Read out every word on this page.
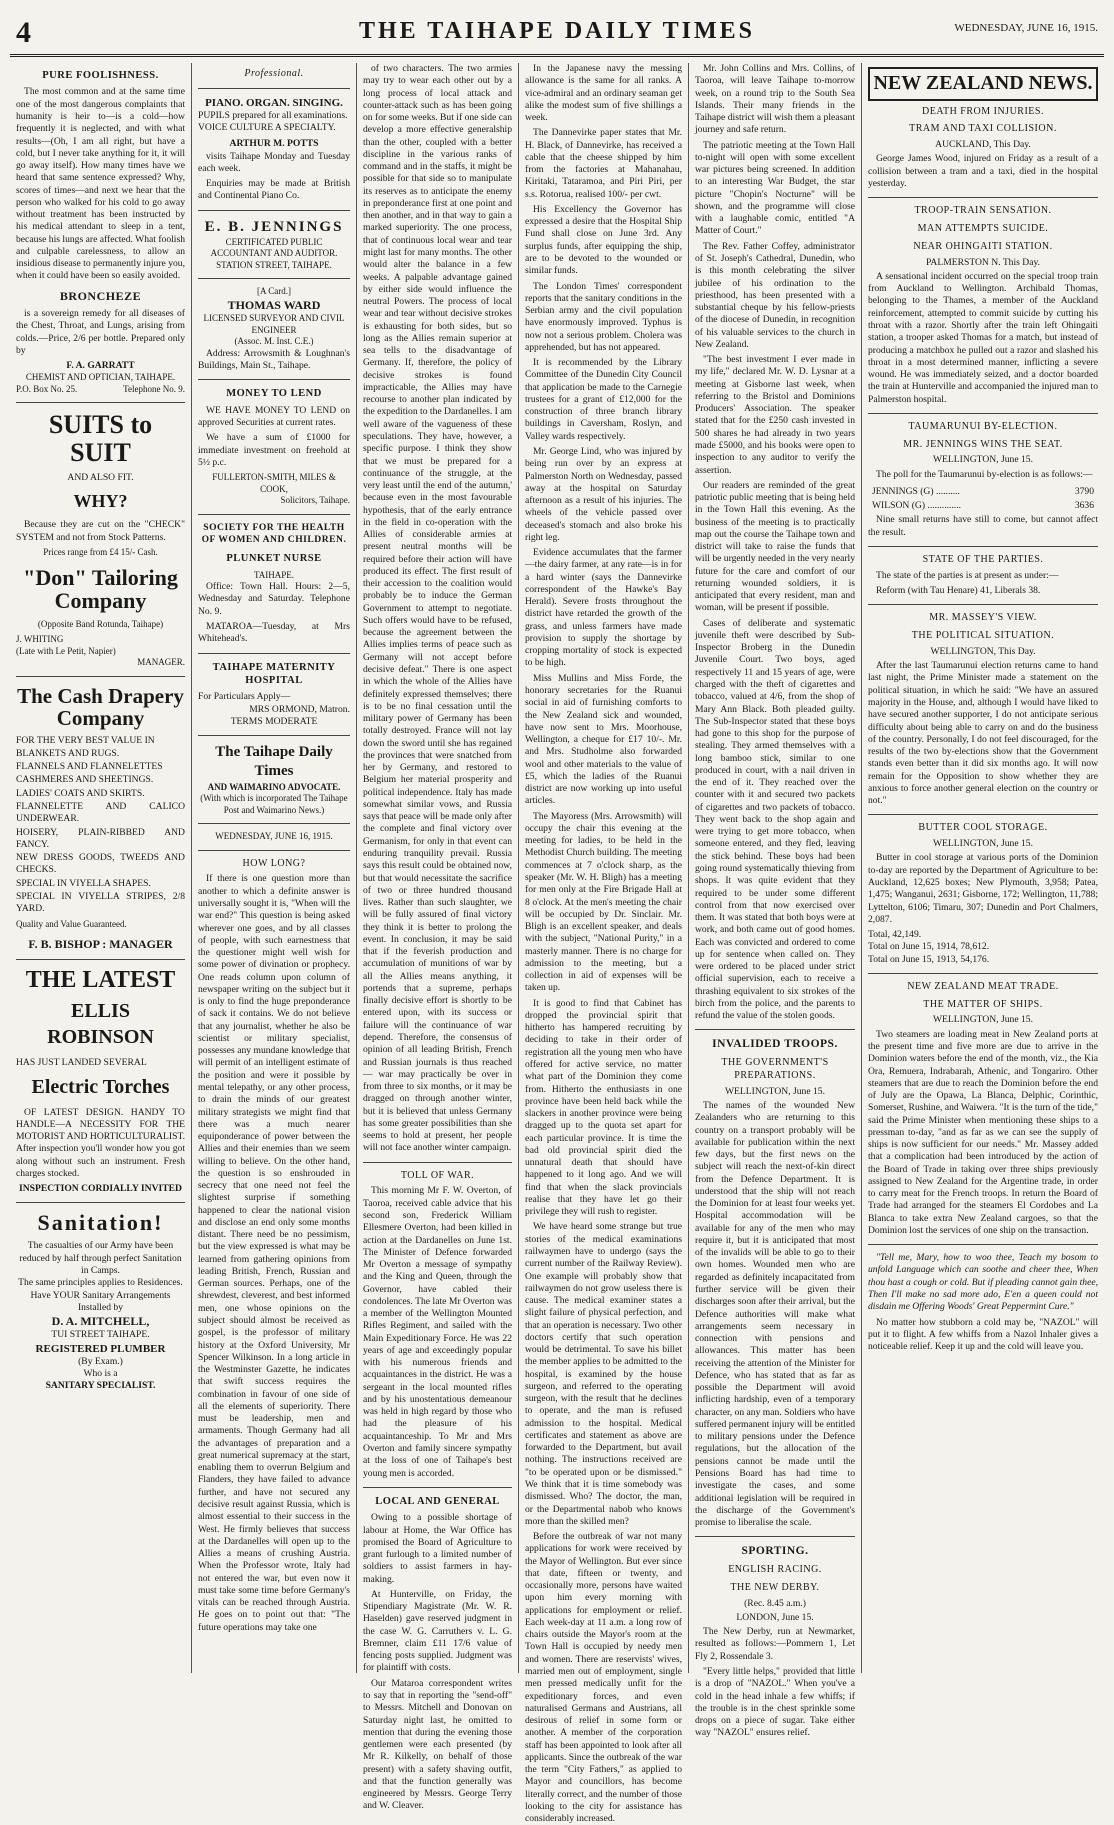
4	THE TAIHAPE DAILY TIMES	WEDNESDAY, JUNE 16, 1915.
PURE FOOLISHNESS.

The most common and at the same time one of the most dangerous complaints that humanity is heir to—is a cold—how frequently it is neglected, and with what results—(Oh, I am all right, but have a cold, but I never take anything for it, it will go away itself). How many times have we heard that same sentence expressed? Why, scores of times—and next we hear that the person who walked for his cold to go away without treatment has been instructed by his medical attendant to sleep in a tent, because his lungs are affected. What foolish and culpable carelessness, to allow an insidious disease to permanently injure you, when it could have been so easily avoided.

BRONCHEZE

is a sovereign remedy for all diseases of the Chest, Throat, and Lungs, arising from colds.—Price, 2/6 per bottle. Prepared only by

F. A. GARRATT
CHEMIST AND OPTICIAN, TAIHAPE.
P.O. Box No. 25.	Telephone No. 9.
SUITS to SUIT
AND ALSO FIT.
WHY?

Because they are cut on the "CHECK" SYSTEM and not from Stock Patterns.

Prices range from £4 15/- Cash.
"Don" Tailoring Company
(Opposite Band Rotunda, Taihape)
J. WHITING
(Late with Le Petit, Napier)
MANAGER.
The Cash Drapery Company
FOR THE VERY BEST VALUE IN
BLANKETS AND RUGS.
FLANNELS AND FLANNELETTES
CASHMERES AND SHEETINGS.
LADIES' COATS AND SKIRTS.
FLANNELETTE AND CALICO UNDERWEAR.
HOISERY, PLAIN-RIBBED AND FANCY.
NEW DRESS GOODS, TWEEDS AND CHECKS.
SPECIAL IN VIYELLA SHAPES.
SPECIAL IN VIYELLA STRIPES, 2/8 YARD.
Quality and Value Guaranteed.
F. B. BISHOP : MANAGER
THE LATEST
ELLIS ROBINSON
HAS JUST LANDED SEVERAL
Electric Torches

OF LATEST DESIGN. HANDY TO HANDLE—A NECESSITY FOR THE MOTORIST AND HORTICULTURALIST. After inspection you'll wonder how you got along without such an instrument. Fresh charges stocked.

INSPECTION CORDIALLY INVITED
Sanitation!
The casualties of our Army have been reduced by half through perfect Sanitation in Camps.
The same principles applies to Residences.
Have YOUR Sanitary Arrangements Installed by
D. A. MITCHELL,
TUI STREET TAIHAPE.
REGISTERED PLUMBER
(By Exam.)
Who is a
SANITARY SPECIALIST.
Professional.
PIANO. ORGAN. SINGING.
PUPILS prepared for all examinations.
VOICE CULTURE A SPECIALTY.
ARTHUR M. POTTS

visits Taihape Monday and Tuesday each week.

Enquiries may be made at British and Continental Piano Co.

E. B. JENNINGS
CERTIFICATED PUBLIC ACCOUNTANT AND AUDITOR.
STATION STREET, TAIHAPE.
[A Card.]
THOMAS WARD
LICENSED SURVEYOR AND CIVIL ENGINEER
(Assoc. M. Inst. C.E.)

Address: Arrowsmith & Loughnan's Buildings, Main St., Taihape.

MONEY TO LEND

WE HAVE MONEY TO LEND on approved Securities at current rates.

We have a sum of £1000 for immediate investment on freehold at 5½ p.c.

FULLERTON-SMITH, MILES & COOK,
Solicitors, Taihape.
SOCIETY FOR THE HEALTH OF WOMEN AND CHILDREN.
PLUNKET NURSE
TAIHAPE.

Office: Town Hall. Hours: 2—5, Wednesday and Saturday. Telephone No. 9.

MATAROA—Tuesday, at Mrs Whitehead's.

TAIHAPE MATERNITY HOSPITAL
For Particulars Apply—
MRS ORMOND, Matron.
TERMS MODERATE
The Taihape Daily Times
AND WAIMARINO ADVOCATE.
(With which is incorporated The Taihape Post and Waimarino News.)
WEDNESDAY, JUNE 16, 1915.
HOW LONG?

If there is one question more than another to which a definite answer is universally sought it is, "When will the war end?" This question is being asked wherever one goes, and by all classes of people, with such earnestness that the questioner might well wish for some power of divination or prophecy. One reads column upon column of newspaper writing on the subject but it is only to find the huge preponderance of sack it contains. We do not believe that any journalist, whether he also be scientist or military specialist, possesses any mundane knowledge that will permit of an intelligent estimate of the position and were it possible by mental telepathy, or any other process, to drain the minds of our greatest military strategists we might find that there was a much nearer equiponderance of power between the Allies and their enemies than we seem willing to believe. On the other hand, the question is so enshrouded in secrecy that one need not feel the slightest surprise if something happened to clear the national vision and disclose an end only some months distant. There need be no pessimism, but the view expressed is what may be learned from gathering opinions from leading British, French, Russian and German sources. Perhaps, one of the shrewdest, cleverest, and best informed men, one whose opinions on the subject should almost be received as gospel, is the professor of military history at the Oxford University, Mr Spencer Wilkinson. In a long article in the Westminster Gazette, he indicates that swift success requires the combination in favour of one side of all the elements of superiority. There must be leadership, men and armaments. Though Germany had all the advantages of preparation and a great numerical supremacy at the start, enabling them to overrun Belgium and Flanders, they have failed to advance further, and have not secured any decisive result against Russia, which is almost essential to their success in the West. He firmly believes that success at the Dardanelles will open up to the Allies a means of crushing Austria. When the Professor wrote, Italy had not entered the war, but even now it must take some time before Germany's vitals can be reached through Austria. He goes on to point out that: "The future operations may take one

of two characters. The two armies may try to wear each other out by a long process of local attack and counter-attack such as has been going on for some weeks. But if one side can develop a more effective generalship than the other, coupled with a better discipline in the various ranks of command and in the staffs, it might be possible for that side so to manipulate its reserves as to anticipate the enemy in preponderance first at one point and then another, and in that way to gain a marked superiority. The one process, that of continuous local wear and tear might last for many months. The other would alter the balance in a few weeks. A palpable advantage gained by either side would influence the neutral Powers. The process of local wear and tear without decisive strokes is exhausting for both sides, but so long as the Allies remain superior at sea tells to the disadvantage of Germany. If, therefore, the policy of decisive strokes is found impracticable, the Allies may have recourse to another plan indicated by the expedition to the Dardanelles. I am well aware of the vagueness of these speculations. They have, however, a specific purpose. I think they show that we must be prepared for a continuance of the struggle, at the very least until the end of the autumn,' because even in the most favourable hypothesis, that of the early entrance in the field in co-operation with the Allies of considerable armies at present neutral months will be required before their action will have produced its effect. The first result of their accession to the coalition would probably be to induce the German Government to attempt to negotiate. Such offers would have to be refused, because the agreement between the Allies implies terms of peace such as Germany will not accept before decisive defeat." There is one aspect in which the whole of the Allies have definitely expressed themselves; there is to be no final cessation until the military power of Germany has been totally destroyed. France will not lay down the sword until she has regained the provinces that were snatched from her by Germany, and restored to Belgium her material prosperity and political independence. Italy has made somewhat similar vows, and Russia says that peace will be made only after the complete and final victory over Germanism, for only in that event can enduring tranquility prevail. Russia says this result could be obtained now, but that would necessitate the sacrifice of two or three hundred thousand lives. Rather than such slaughter, we will be fully assured of final victory they think it is better to prolong the event. In conclusion, it may be said that if the feverish production and accumulation of munitions of war by all the Allies means anything, it portends that a supreme, perhaps finally decisive effort is shortly to be entered upon, with its success or failure will the continuance of war depend. Therefore, the consensus of opinion of all leading British, French and Russian journals is thus reached — war may practically be over in from three to six months, or it may be dragged on through another winter, but it is believed that unless Germany has some greater possibilities than she seems to hold at present, her people will not face another winter campaign.

TOLL OF WAR.

This morning Mr F. W. Overton, of Taoroa, received cable advice that his second son, Frederick William Ellesmere Overton, had been killed in action at the Dardanelles on June 1st. The Minister of Defence forwarded Mr Overton a message of sympathy and the King and Queen, through the Governor, have cabled their condolences. The late Mr Overton was a member of the Wellington Mounted Rifles Regiment, and sailed with the Main Expeditionary Force. He was 22 years of age and exceedingly popular with his numerous friends and acquaintances in the district. He was a sergeant in the local mounted rifles and by his unostentatious demeanour was held in high regard by those who had the pleasure of his acquaintanceship. To Mr and Mrs Overton and family sincere sympathy at the loss of one of Taihape's best young men is accorded.

LOCAL AND GENERAL

Owing to a possible shortage of labour at Home, the War Office has promised the Board of Agriculture to grant furlough to a limited number of soldiers to assist farmers in hay-making.

At Hunterville, on Friday, the Stipendiary Magistrate (Mr. W. R. Haselden) gave reserved judgment in the case W. G. Carruthers v. L. G. Bremner, claim £11 17/6 value of fencing posts supplied. Judgment was for plaintiff with costs.

Our Mataroa correspondent writes to say that in reporting the "send-off" to Messrs. Mitchell and Donovan on Saturday night last, he omitted to mention that during the evening those gentlemen were each presented (by Mr R. Kilkelly, on behalf of those present) with a safety shaving outfit, and that the function generally was engineered by Messrs. George Terry and W. Cleaver.

In the Japanese navy the messing allowance is the same for all ranks. A vice-admiral and an ordinary seaman get alike the modest sum of five shillings a week.

The Dannevirke paper states that Mr. H. Black, of Dannevirke, has received a cable that the cheese shipped by him from the factories at Mahanahau, Kiritaki, Tataramoa, and Piri Piri, per s.s. Rotorua, realised 100/- per cwt.

His Excellency the Governor has expressed a desire that the Hospital Ship Fund shall close on June 3rd. Any surplus funds, after equipping the ship, are to be devoted to the wounded or similar funds.

The London Times' correspondent reports that the sanitary conditions in the Serbian army and the civil population have enormously improved. Typhus is now not a serious problem. Cholera was apprehended, but has not appeared.

It is recommended by the Library Committee of the Dunedin City Council that application be made to the Carnegie trustees for a grant of £12,000 for the construction of three branch library buildings in Caversham, Roslyn, and Valley wards respectively.

Mr. George Lind, who was injured by being run over by an express at Palmerston North on Wednesday, passed away at the hospital on Saturday afternoon as a result of his injuries. The wheels of the vehicle passed over deceased's stomach and also broke his right leg.

Evidence accumulates that the farmer—the dairy farmer, at any rate—is in for a hard winter (says the Dannevirke correspondent of the Hawke's Bay Herald). Severe frosts throughout the district have retarded the growth of the grass, and unless farmers have made provision to supply the shortage by cropping mortality of stock is expected to be high.

Miss Mullins and Miss Forde, the honorary secretaries for the Ruanui social in aid of furnishing comforts to the New Zealand sick and wounded, have now sent to Mrs. Moorhouse, Wellington, a cheque for £17 10/-. Mr. and Mrs. Studholme also forwarded wool and other materials to the value of £5, which the ladies of the Ruanui district are now working up into useful articles.

The Mayoress (Mrs. Arrowsmith) will occupy the chair this evening at the meeting for ladies, to be held in the Methodist Church building. The meeting commences at 7 o'clock sharp, as the speaker (Mr. W. H. Bligh) has a meeting for men only at the Fire Brigade Hall at 8 o'clock. At the men's meeting the chair will be occupied by Dr. Sinclair. Mr. Bligh is an excellent speaker, and deals with the subject, "National Purity," in a masterly manner. There is no charge for admission to the meeting, but a collection in aid of expenses will be taken up.

It is good to find that Cabinet has dropped the provincial spirit that hitherto has hampered recruiting by deciding to take in their order of registration all the young men who have offered for active service, no matter what part of the Dominion they come from. Hitherto the enthusiasts in one province have been held back while the slackers in another province were being dragged up to the quota set apart for each particular province. It is time the bad old provincial spirit died the unnatural death that should have happened to it long ago. And we will find that when the slack provincials realise that they have let go their privilege they will rush to register.

We have heard some strange but true stories of the medical examinations railwaymen have to undergo (says the current number of the Railway Review). One example will probably show that railwaymen do not grow useless there is cause. The medical examiner states a slight failure of physical perfection, and that an operation is necessary. Two other doctors certify that such operation would be detrimental. To save his billet the member applies to be admitted to the hospital, is examined by the house surgeon, and referred to the operating surgeon, with the result that he declines to operate, and the man is refused admission to the hospital. Medical certificates and statement as above are forwarded to the Department, but avail nothing. The instructions received are "to be operated upon or be dismissed." We think that it is time somebody was dismissed. Who? The doctor, the man, or the Departmental nabob who knows more than the skilled men?

Before the outbreak of war not many applications for work were received by the Mayor of Wellington. But ever since that date, fifteen or twenty, and occasionally more, persons have waited upon him every morning with applications for employment or relief. Each week-day at 11 a.m. a long row of chairs outside the Mayor's room at the Town Hall is occupied by needy men and women. There are reservists' wives, married men out of employment, single men pressed medically unfit for the expeditionary forces, and even naturalised Germans and Austrians, all desirous of relief in some form or another. A member of the corporation staff has been appointed to look after all applicants. Since the outbreak of the war the term "City Fathers," as applied to Mayor and councillors, has become literally correct, and the number of those looking to the city for assistance has considerably increased.

Mr. John Collins and Mrs. Collins, of Taoroa, will leave Taihape to-morrow week, on a round trip to the South Sea Islands. Their many friends in the Taihape district will wish them a pleasant journey and safe return.

The patriotic meeting at the Town Hall to-night will open with some excellent war pictures being screened. In addition to an interesting War Budget, the star picture "Chopin's Nocturne" will be shown, and the programme will close with a laughable comic, entitled "A Matter of Court."

The Rev. Father Coffey, administrator of St. Joseph's Cathedral, Dunedin, who is this month celebrating the silver jubilee of his ordination to the priesthood, has been presented with a substantial cheque by his fellow-priests of the diocese of Dunedin, in recognition of his valuable services to the church in New Zealand.

"The best investment I ever made in my life," declared Mr. W. D. Lysnar at a meeting at Gisborne last week, when referring to the Bristol and Dominions Producers' Association. The speaker stated that for the £250 cash invested in 500 shares he had already in two years made £5000, and his books were open to inspection to any auditor to verify the assertion.

Our readers are reminded of the great patriotic public meeting that is being held in the Town Hall this evening. As the business of the meeting is to practically map out the course the Taihape town and district will take to raise the funds that will be urgently needed in the very nearly future for the care and comfort of our returning wounded soldiers, it is anticipated that every resident, man and woman, will be present if possible.

Cases of deliberate and systematic juvenile theft were described by Sub-Inspector Broberg in the Dunedin Juvenile Court. Two boys, aged respectively 11 and 15 years of age, were charged with the theft of cigarettes and tobacco, valued at 4/6, from the shop of Mary Ann Black. Both pleaded guilty. The Sub-Inspector stated that these boys had gone to this shop for the purpose of stealing. They armed themselves with a long bamboo stick, similar to one produced in court, with a nail driven in the end of it. They reached over the counter with it and secured two packets of cigarettes and two packets of tobacco. They went back to the shop again and were trying to get more tobacco, when someone entered, and they fled, leaving the stick behind. These boys had been going round systematically thieving from shops. It was quite evident that they required to be under some different control from that now exercised over them. It was stated that both boys were at work, and both came out of good homes. Each was convicted and ordered to come up for sentence when called on. They were ordered to be placed under strict official supervision, each to receive a thrashing equivalent to six strokes of the birch from the police, and the parents to refund the value of the stolen goods.

INVALIDED TROOPS.
THE GOVERNMENT'S PREPARATIONS.
WELLINGTON, June 15.

The names of the wounded New Zealanders who are returning to this country on a transport probably will be available for publication within the next few days, but the first news on the subject will reach the next-of-kin direct from the Defence Department. It is understood that the ship will not reach the Dominion for at least four weeks yet. Hospital accommodation will be available for any of the men who may require it, but it is anticipated that most of the invalids will be able to go to their own homes. Wounded men who are regarded as definitely incapacitated from further service will be given their discharges soon after their arrival, but the Defence authorities will make what arrangements seem necessary in connection with pensions and allowances. This matter has been receiving the attention of the Minister for Defence, who has stated that as far as possible the Department will avoid inflicting hardship, even of a temporary character, on any man. Soldiers who have suffered permanent injury will be entitled to military pensions under the Defence regulations, but the allocation of the pensions cannot be made until the Pensions Board has had time to investigate the cases, and some additional legislation will be required in the discharge of the Government's promise to liberalise the scale.

SPORTING.
ENGLISH RACING.
THE NEW DERBY.
(Rec. 8.45 a.m.)
LONDON, June 15.

The New Derby, run at Newmarket, resulted as follows:—Pommern 1, Let Fly 2, Rossendale 3.

"Every little helps," provided that little is a drop of "NAZOL." When you've a cold in the head inhale a few whiffs; if the trouble is in the chest sprinkle some drops on a piece of sugar. Take either way "NAZOL" ensures relief.

NEW ZEALAND NEWS.
DEATH FROM INJURIES.
TRAM AND TAXI COLLISION.
AUCKLAND, This Day.

George James Wood, injured on Friday as a result of a collision between a tram and a taxi, died in the hospital yesterday.

TROOP-TRAIN SENSATION.
MAN ATTEMPTS SUICIDE.
NEAR OHINGAITI STATION.
PALMERSTON N. This Day.

A sensational incident occurred on the special troop train from Auckland to Wellington. Archibald Thomas, belonging to the Thames, a member of the Auckland reinforcement, attempted to commit suicide by cutting his throat with a razor. Shortly after the train left Ohingaiti station, a trooper asked Thomas for a match, but instead of producing a matchbox he pulled out a razor and slashed his throat in a most determined manner, inflicting a severe wound. He was immediately seized, and a doctor boarded the train at Hunterville and accompanied the injured man to Palmerston hospital.

TAUMARUNUI BY-ELECTION.
MR. JENNINGS WINS THE SEAT.
WELLINGTON, June 15.

The poll for the Taumarunui by-election is as follows:—

JENNINGS (G) ..........	3790
WILSON (G) ..............	3636

Nine small returns have still to come, but cannot affect the result.

STATE OF THE PARTIES.

The state of the parties is at present as under:—

Reform (with Tau Henare) 41, Liberals 38.

MR. MASSEY'S VIEW.
THE POLITICAL SITUATION.
WELLINGTON, This Day.

After the last Taumarunui election returns came to hand last night, the Prime Minister made a statement on the political situation, in which he said: "We have an assured majority in the House, and, although I would have liked to have secured another supporter, I do not anticipate serious difficulty about being able to carry on and do the business of the country. Personally, I do not feel discouraged, for the results of the two by-elections show that the Government stands even better than it did six months ago. It will now remain for the Opposition to show whether they are anxious to force another general election on the country or not."

BUTTER COOL STORAGE.
WELLINGTON, June 15.

Butter in cool storage at various ports of the Dominion to-day are reported by the Department of Agriculture to be: Auckland, 12,625 boxes; New Plymouth, 3,958; Patea, 1,475; Wanganui, 2631; Gisborne, 172; Wellington, 11,788; Lyttelton, 6106; Timaru, 307; Dunedin and Port Chalmers, 2,087.

Total, 42,149.
Total on June 15, 1914, 78,612.
Total on June 15, 1913, 54,176.
NEW ZEALAND MEAT TRADE.
THE MATTER OF SHIPS.
WELLINGTON, June 15.

Two steamers are loading meat in New Zealand ports at the present time and five more are due to arrive in the Dominion waters before the end of the month, viz., the Kia Ora, Remuera, Indrabarah, Athenic, and Tongariro. Other steamers that are due to reach the Dominion before the end of July are the Opawa, La Blanca, Delphic, Corinthic, Somerset, Rushine, and Waiwera. "It is the turn of the tide," said the Prime Minister when mentioning these ships to a pressman to-day, "and as far as we can see the supply of ships is now sufficient for our needs." Mr. Massey added that a complication had been introduced by the action of the Board of Trade in taking over three ships previously assigned to New Zealand for the Argentine trade, in order to carry meat for the French troops. In return the Board of Trade had arranged for the steamers El Cordobes and La Blanca to take extra New Zealand cargoes, so that the Dominion lost the services of one ship on the transaction.

"Tell me, Mary, how to woo thee, Teach my bosom to unfold Language which can soothe and cheer thee, When thou hast a cough or cold. But if pleading cannot gain thee, Then I'll make no sad more ado, E'en a queen could not disdain me Offering Woods' Great Peppermint Cure."

No matter how stubborn a cold may be, "NAZOL" will put it to flight. A few whiffs from a Nazol Inhaler gives a noticeable relief. Keep it up and the cold will leave you.
